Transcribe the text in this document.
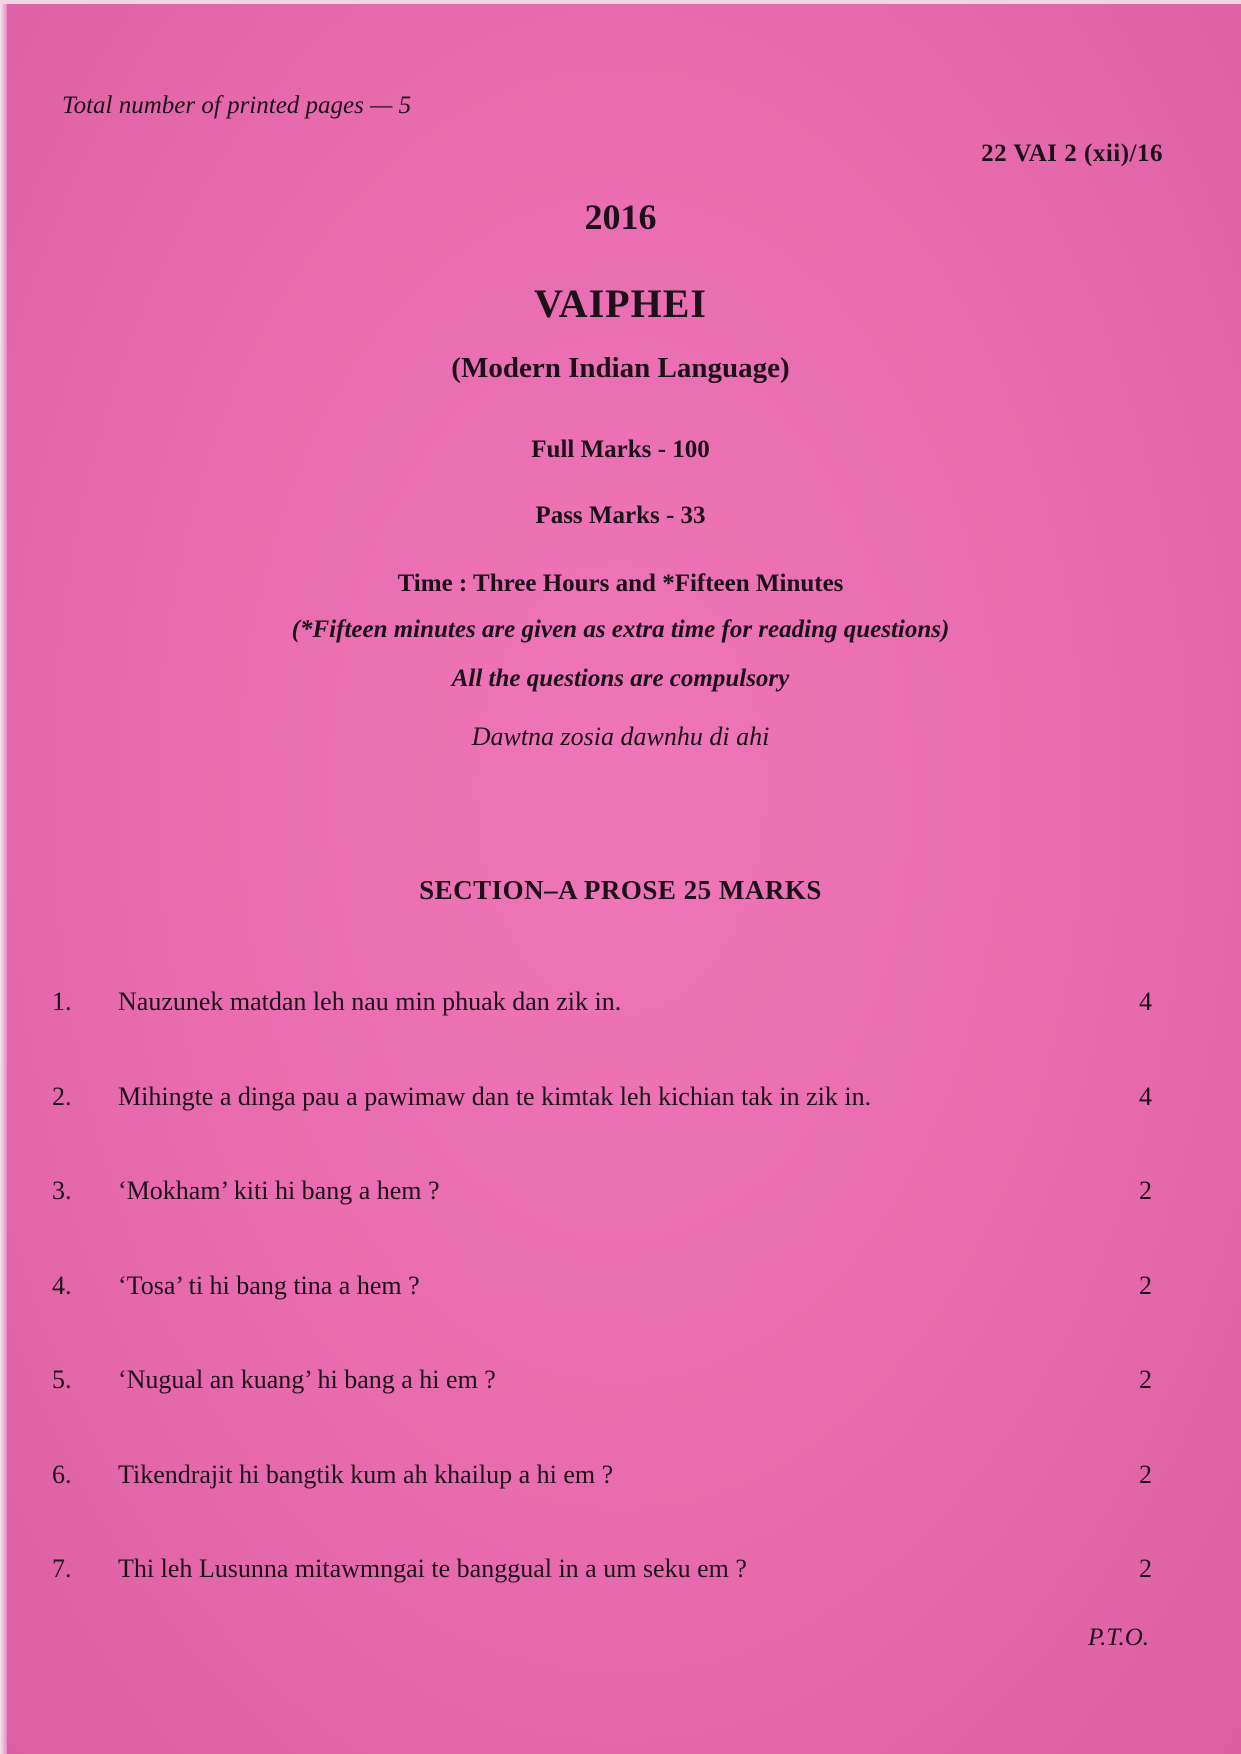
Total number of printed pages — 5
22 VAI 2 (xii)/16
2016
VAIPHEI
(Modern Indian Language)
Full Marks - 100
Pass Marks - 33
Time : Three Hours and *Fifteen Minutes
(*Fifteen minutes are given as extra time for reading questions)
All the questions are compulsory
Dawtna zosia dawnhu di ahi
SECTION–A PROSE 25 MARKS
1.	Nauzunek matdan leh nau min phuak dan zik in.	4
2.	Mihingte a dinga pau a pawimaw dan te kimtak leh kichian tak in zik in.	4
3.	‘Mokham’ kiti hi bang a hem ?	2
4.	‘Tosa’ ti hi bang tina a hem ?	2
5.	‘Nugual an kuang’ hi bang a hi em ?	2
6.	Tikendrajit hi bangtik kum ah khailup a hi em ?	2
7.	Thi leh Lusunna mitawmngai te banggual in a um seku em ?	2
P.T.O.
